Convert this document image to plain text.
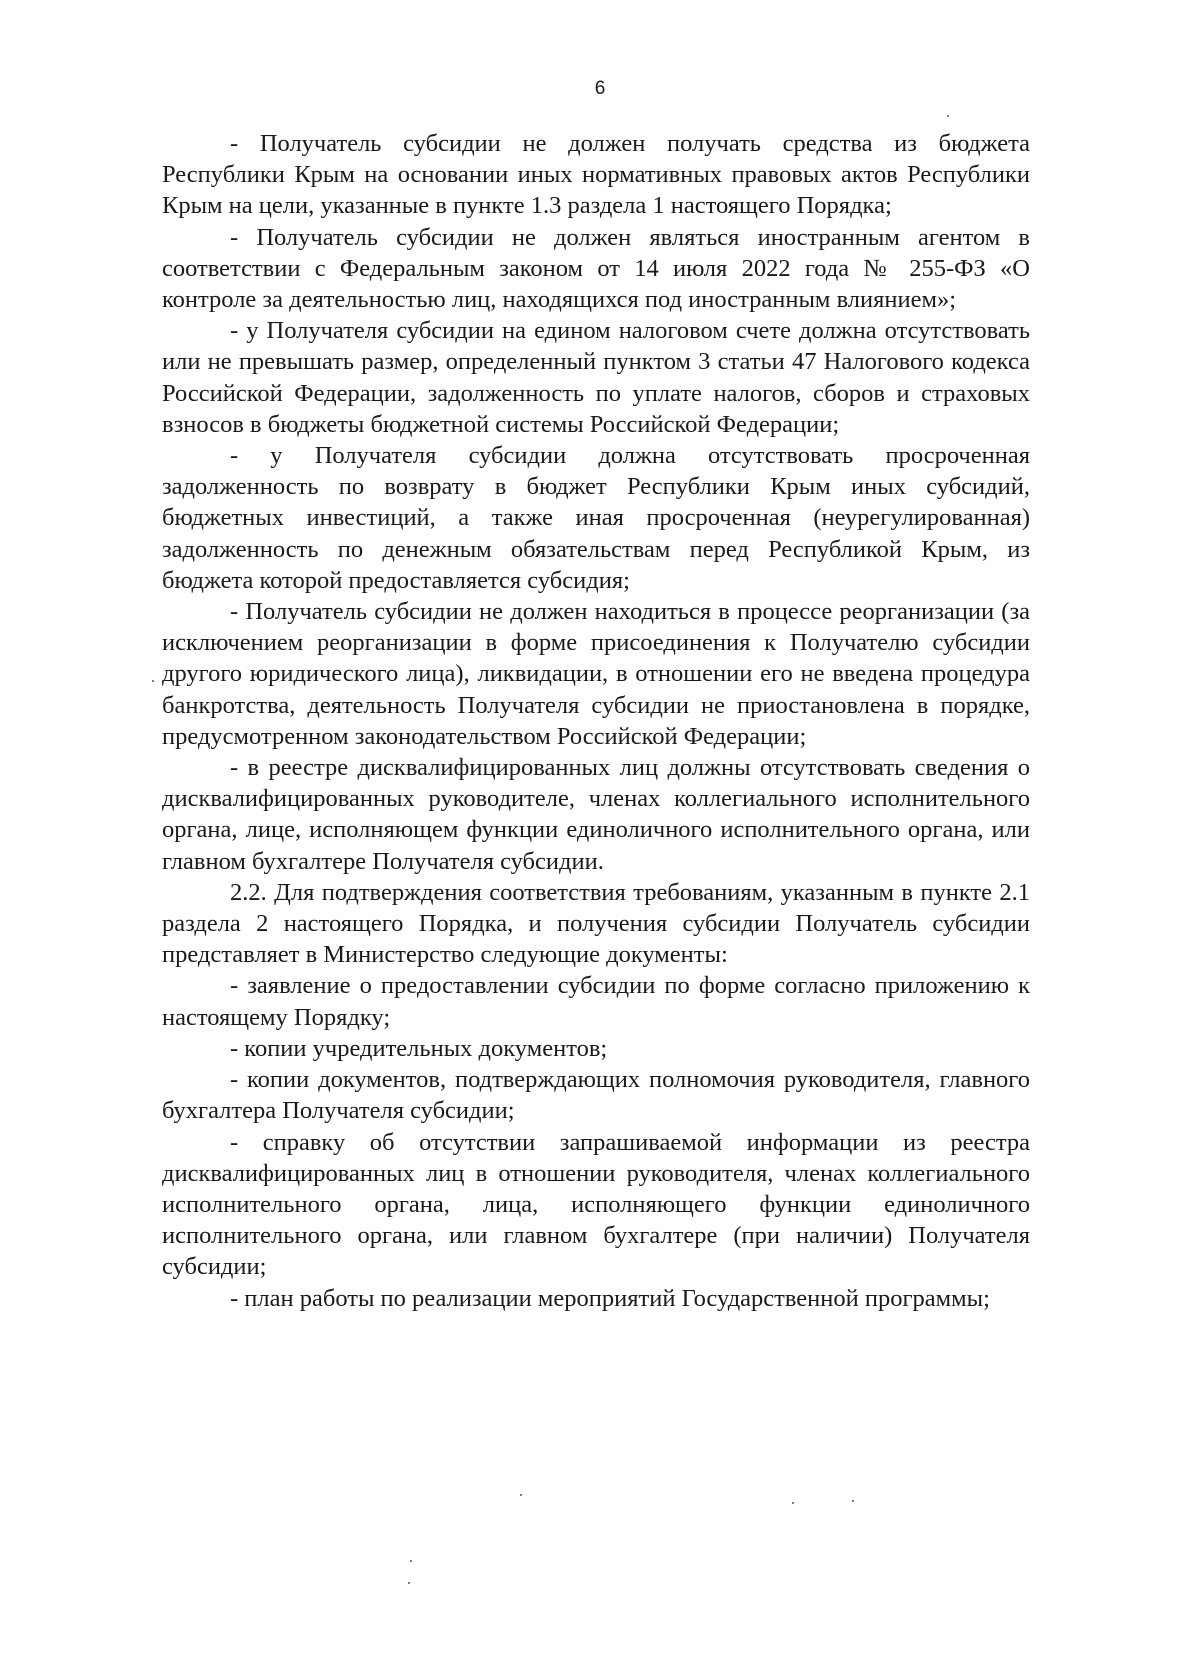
6

- Получатель субсидии не должен получать средства из бюджета Республики Крым на основании иных нормативных правовых актов Республики Крым на цели, указанные в пункте 1.3 раздела 1 настоящего Порядка;

- Получатель субсидии не должен являться иностранным агентом в соответствии с Федеральным законом от 14 июля 2022 года № 255-ФЗ «О контроле за деятельностью лиц, находящихся под иностранным влиянием»;

- у Получателя субсидии на едином налоговом счете должна отсутствовать или не превышать размер, определенный пунктом 3 статьи 47 Налогового кодекса Российской Федерации, задолженность по уплате налогов, сборов и страховых взносов в бюджеты бюджетной системы Российской Федерации;

- у Получателя субсидии должна отсутствовать просроченная задолженность по возврату в бюджет Республики Крым иных субсидий, бюджетных инвестиций, а также иная просроченная (неурегулированная) задолженность по денежным обязательствам перед Республикой Крым, из бюджета которой предоставляется субсидия;

- Получатель субсидии не должен находиться в процессе реорганизации (за исключением реорганизации в форме присоединения к Получателю субсидии другого юридического лица), ликвидации, в отношении его не введена процедура банкротства, деятельность Получателя субсидии не приостановлена в порядке, предусмотренном законодательством Российской Федерации;

- в реестре дисквалифицированных лиц должны отсутствовать сведения о дисквалифицированных руководителе, членах коллегиального исполнительного органа, лице, исполняющем функции единоличного исполнительного органа, или главном бухгалтере Получателя субсидии.

2.2. Для подтверждения соответствия требованиям, указанным в пункте 2.1 раздела 2 настоящего Порядка, и получения субсидии Получатель субсидии представляет в Министерство следующие документы:

- заявление о предоставлении субсидии по форме согласно приложению к настоящему Порядку;

- копии учредительных документов;

- копии документов, подтверждающих полномочия руководителя, главного бухгалтера Получателя субсидии;

- справку об отсутствии запрашиваемой информации из реестра дисквалифицированных лиц в отношении руководителя, членах коллегиального исполнительного органа, лица, исполняющего функции единоличного исполнительного органа, или главном бухгалтере (при наличии) Получателя субсидии;

- план работы по реализации мероприятий Государственной программы;
